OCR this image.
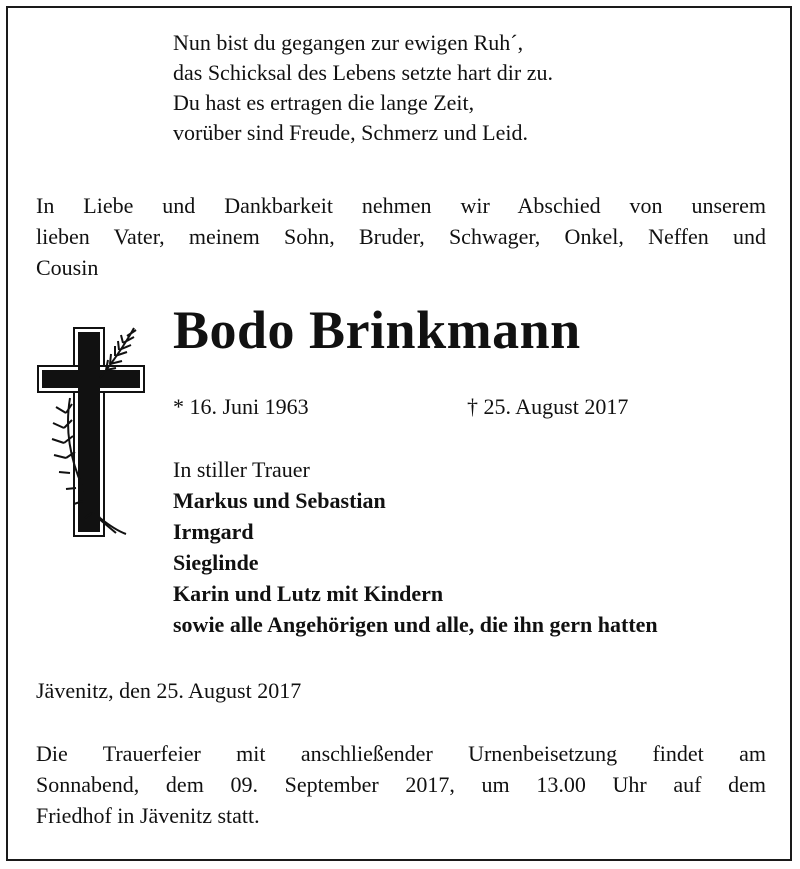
Nun bist du gegangen zur ewigen Ruh´,
das Schicksal des Lebens setzte hart dir zu.
Du hast es ertragen die lange Zeit,
vorüber sind Freude, Schmerz und Leid.
In Liebe und Dankbarkeit nehmen wir Abschied von unserem
lieben Vater, meinem Sohn, Bruder, Schwager, Onkel, Neffen und
Cousin
Bodo Brinkmann
* 16. Juni 1963	† 25. August 2017
In stiller Trauer
Markus und Sebastian
Irmgard
Sieglinde
Karin und Lutz mit Kindern
sowie alle Angehörigen und alle, die ihn gern hatten
Jävenitz, den 25. August 2017
Die Trauerfeier mit anschließender Urnenbeisetzung findet am
Sonnabend, dem 09. September 2017, um 13.00 Uhr auf dem
Friedhof in Jävenitz statt.
